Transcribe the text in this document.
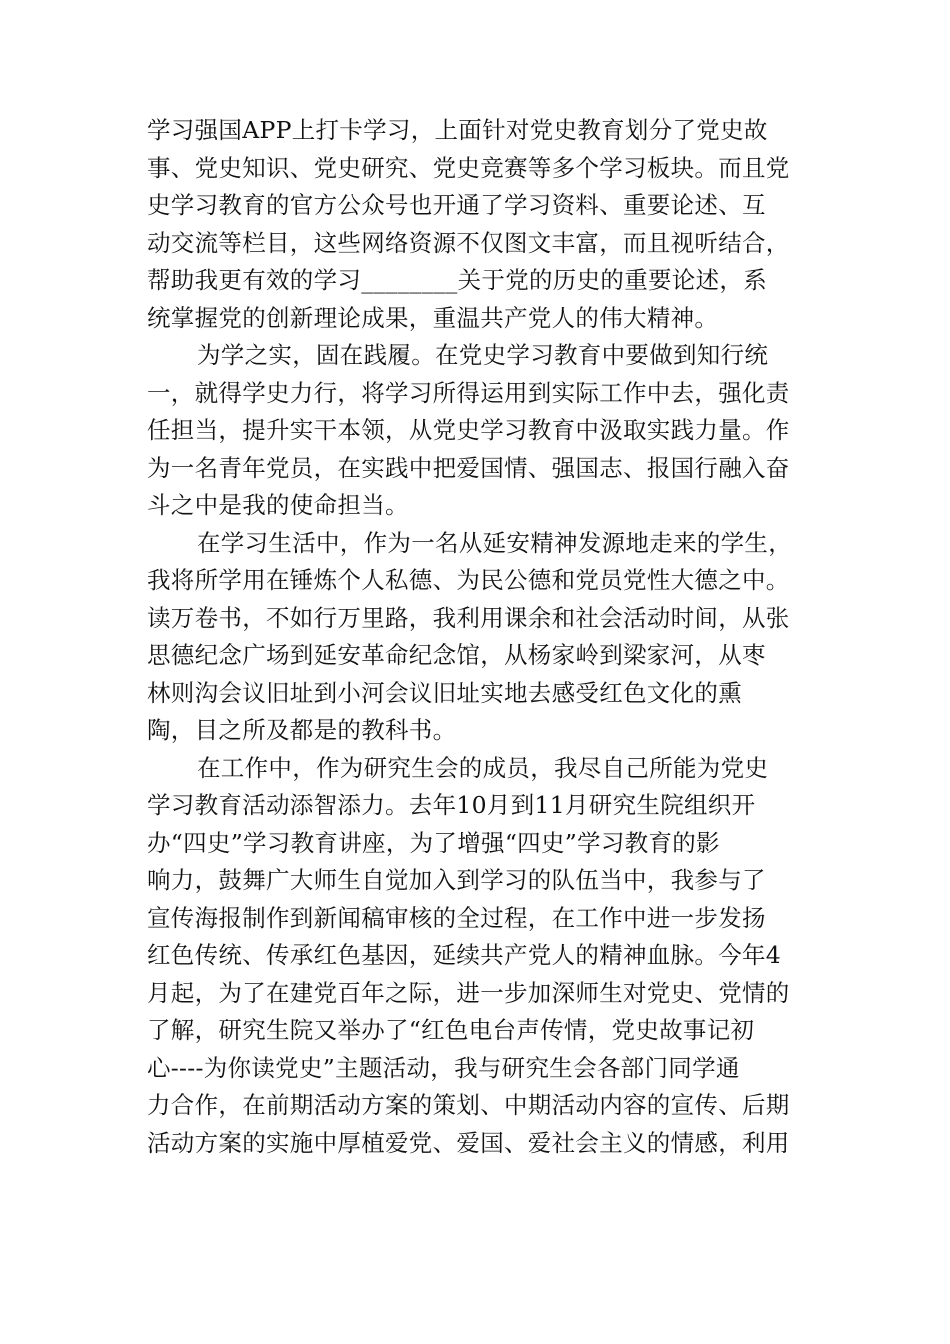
学习强国APP上打卡学习，上面针对党史教育划分了党史故
事、党史知识、党史研究、党史竞赛等多个学习板块。而且党
史学习教育的官方公众号也开通了学习资料、重要论述、互
动交流等栏目，这些网络资源不仅图文丰富，而且视听结合，
帮助我更有效的学习________关于党的历史的重要论述，系
统掌握党的创新理论成果，重温共产党人的伟大精神。
为学之实，固在践履。在党史学习教育中要做到知行统
一，就得学史力行，将学习所得运用到实际工作中去，强化责
任担当，提升实干本领，从党史学习教育中汲取实践力量。作
为一名青年党员，在实践中把爱国情、强国志、报国行融入奋
斗之中是我的使命担当。
在学习生活中，作为一名从延安精神发源地走来的学生，
我将所学用在锤炼个人私德、为民公德和党员党性大德之中。
读万卷书，不如行万里路，我利用课余和社会活动时间，从张
思德纪念广场到延安革命纪念馆，从杨家岭到梁家河，从枣
林则沟会议旧址到小河会议旧址实地去感受红色文化的熏
陶，目之所及都是的教科书。
在工作中，作为研究生会的成员，我尽自己所能为党史
学习教育活动添智添力。去年10月到11月研究生院组织开
办“四史”学习教育讲座，为了增强“四史”学习教育的影
响力，鼓舞广大师生自觉加入到学习的队伍当中，我参与了
宣传海报制作到新闻稿审核的全过程，在工作中进一步发扬
红色传统、传承红色基因，延续共产党人的精神血脉。今年4
月起，为了在建党百年之际，进一步加深师生对党史、党情的
了解，研究生院又举办了“红色电台声传情，党史故事记初
心----为你读党史”主题活动，我与研究生会各部门同学通
力合作，在前期活动方案的策划、中期活动内容的宣传、后期
活动方案的实施中厚植爱党、爱国、爱社会主义的情感，利用
